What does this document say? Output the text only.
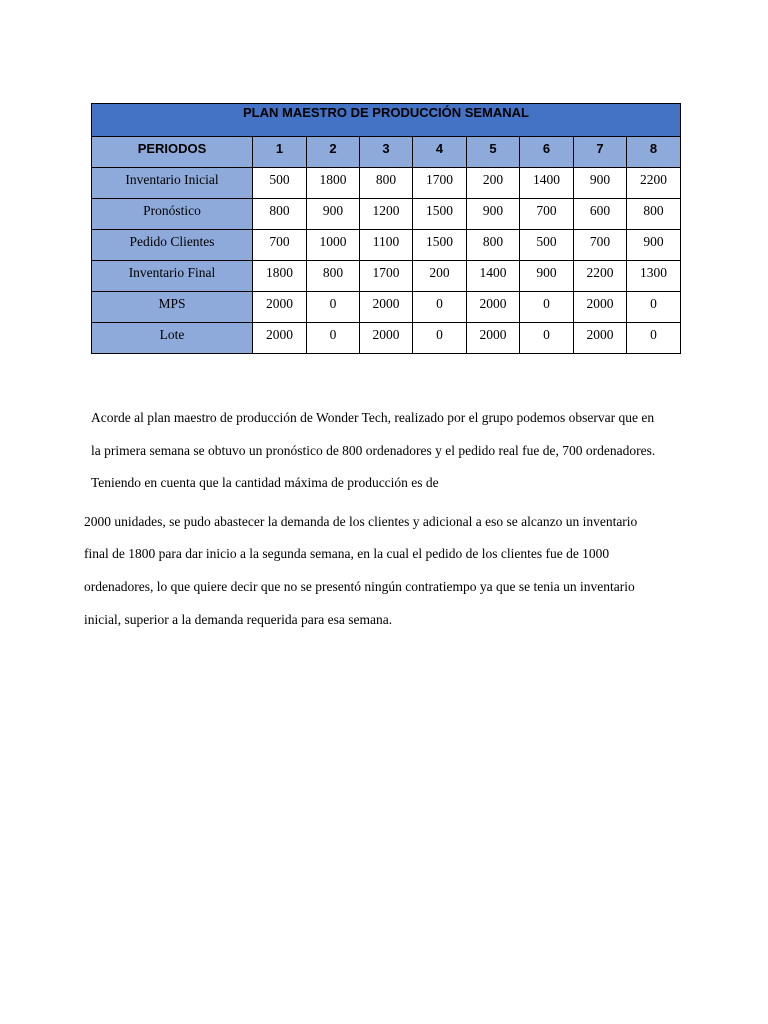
PLAN MAESTRO DE PRODUCCIÓN SEMANAL								
PERIODOS	1	2	3	4	5	6	7	8
Inventario Inicial	500	1800	800	1700	200	1400	900	2200
Pronóstico	800	900	1200	1500	900	700	600	800
Pedido Clientes	700	1000	1100	1500	800	500	700	900
Inventario Final	1800	800	1700	200	1400	900	2200	1300
MPS	2000	0	2000	0	2000	0	2000	0
Lote	2000	0	2000	0	2000	0	2000	0

Acorde al plan maestro de producción de Wonder Tech, realizado por el grupo podemos observar que en

la primera semana se obtuvo un pronóstico de 800 ordenadores y el pedido real fue de, 700 ordenadores.

Teniendo en cuenta que la cantidad máxima de producción es de

2000 unidades, se pudo abastecer la demanda de los clientes y adicional a eso se alcanzo un inventario

final de 1800 para dar inicio a la segunda semana, en la cual el pedido de los clientes fue de 1000

ordenadores, lo que quiere decir que no se presentó ningún contratiempo ya que se tenia un inventario

inicial, superior a la demanda requerida para esa semana.
